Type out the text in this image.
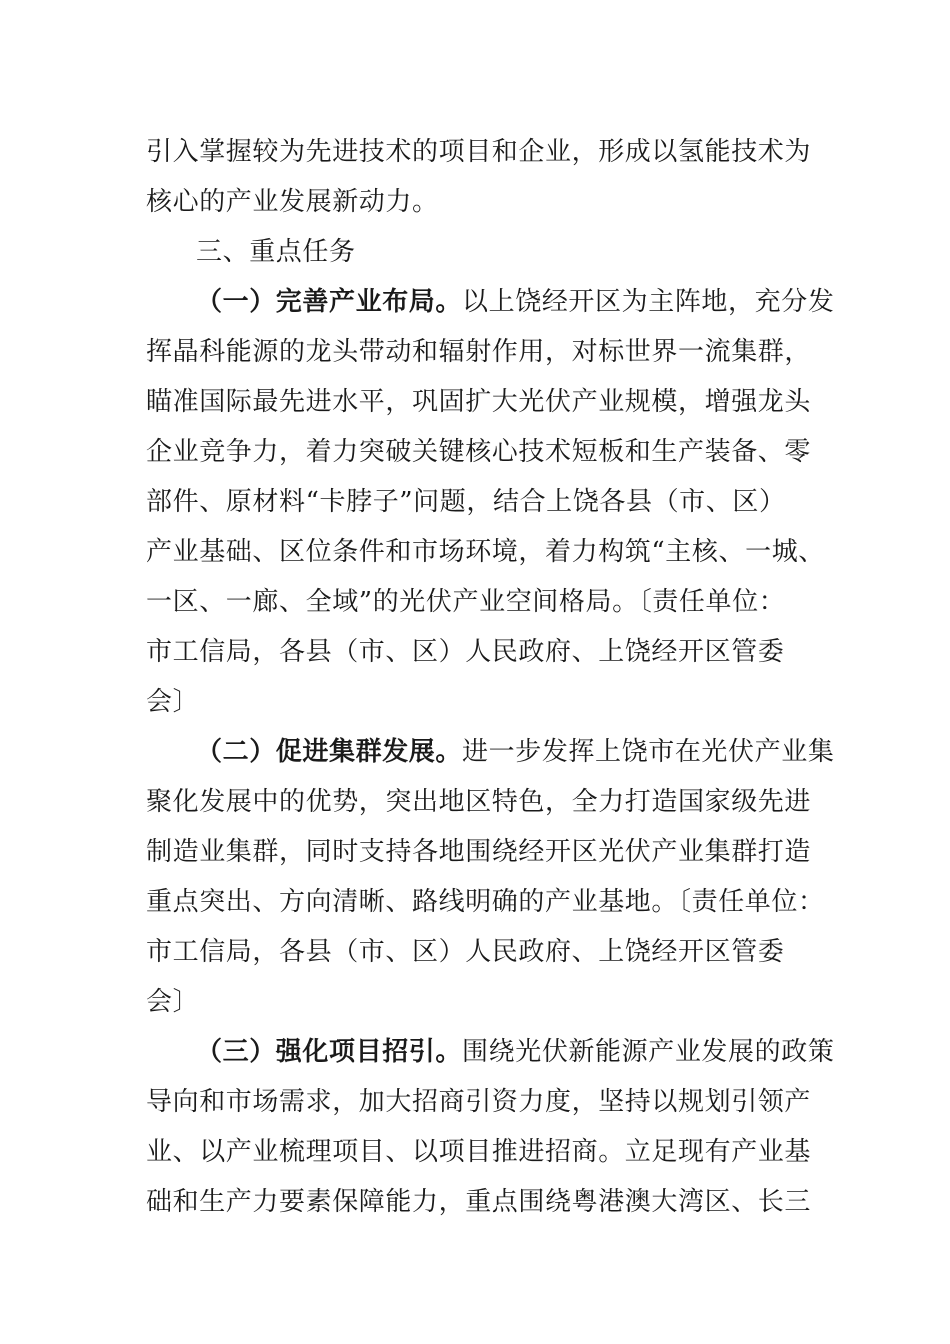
引入掌握较为先进技术的项目和企业，形成以氢能技术为
核心的产业发展新动力。
三、重点任务
（一）完善产业布局。以上饶经开区为主阵地，充分发
挥晶科能源的龙头带动和辐射作用，对标世界一流集群，
瞄准国际最先进水平，巩固扩大光伏产业规模，增强龙头
企业竞争力，着力突破关键核心技术短板和生产装备、零
部件、原材料“卡脖子”问题，结合上饶各县（市、区）
产业基础、区位条件和市场环境，着力构筑“主核、一城、
一区、一廊、全域”的光伏产业空间格局。〔责任单位：
市工信局，各县（市、区）人民政府、上饶经开区管委
会〕
（二）促进集群发展。进一步发挥上饶市在光伏产业集
聚化发展中的优势，突出地区特色，全力打造国家级先进
制造业集群，同时支持各地围绕经开区光伏产业集群打造
重点突出、方向清晰、路线明确的产业基地。〔责任单位：
市工信局，各县（市、区）人民政府、上饶经开区管委
会〕
（三）强化项目招引。围绕光伏新能源产业发展的政策
导向和市场需求，加大招商引资力度，坚持以规划引领产
业、以产业梳理项目、以项目推进招商。立足现有产业基
础和生产力要素保障能力，重点围绕粤港澳大湾区、长三
